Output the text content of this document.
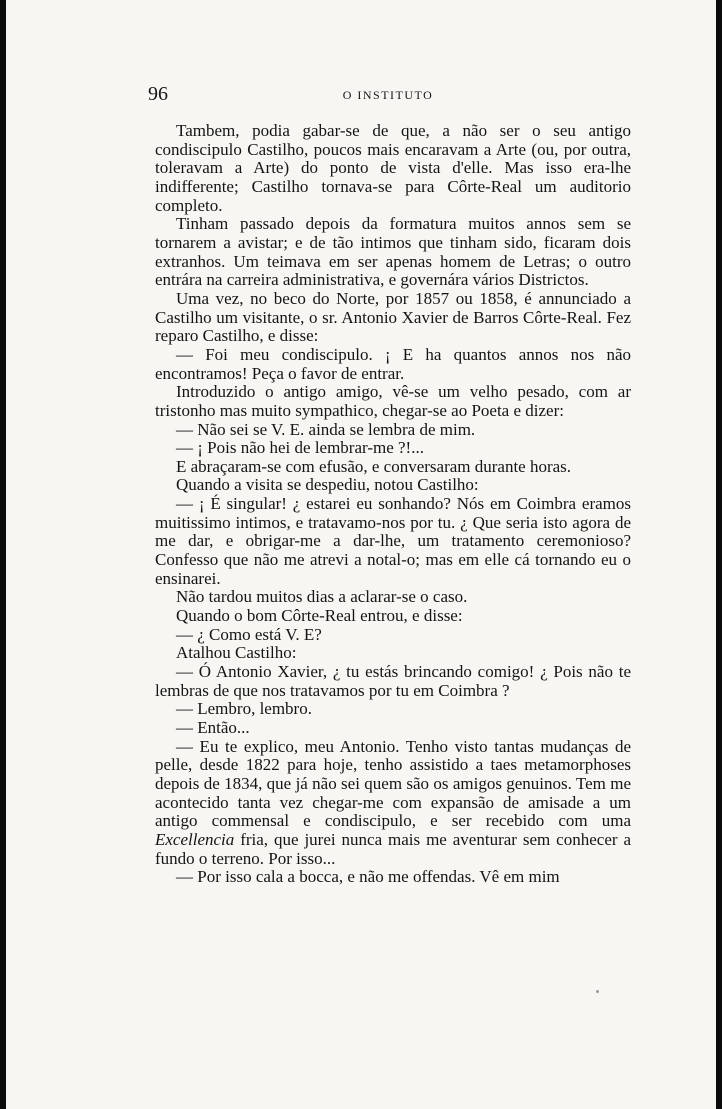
96	O INSTITUTO

Tambem, podia gabar-se de que, a não ser o seu antigo condiscipulo Castilho, poucos mais encaravam a Arte (ou, por outra, toleravam a Arte) do ponto de vista d'elle. Mas isso era-lhe indifferente; Castilho tornava-se para Côrte-Real um auditorio completo.

Tinham passado depois da formatura muitos annos sem se tornarem a avistar; e de tão intimos que tinham sido, ficaram dois extranhos. Um teimava em ser apenas homem de Letras; o outro entrára na carreira administrativa, e governára vários Districtos.

Uma vez, no beco do Norte, por 1857 ou 1858, é annunciado a Castilho um visitante, o sr. Antonio Xavier de Barros Côrte-Real. Fez reparo Castilho, e disse:

— Foi meu condiscipulo. ¡ E ha quantos annos nos não encontramos! Peça o favor de entrar.

Introduzido o antigo amigo, vê-se um velho pesado, com ar tristonho mas muito sympathico, chegar-se ao Poeta e dizer:

— Não sei se V. E. ainda se lembra de mim.

— ¡ Pois não hei de lembrar-me ?!...

E abraçaram-se com efusão, e conversaram durante horas.

Quando a visita se despediu, notou Castilho:

— ¡ É singular! ¿ estarei eu sonhando? Nós em Coimbra eramos muitissimo intimos, e tratavamo-nos por tu. ¿ Que seria isto agora de me dar, e obrigar-me a dar-lhe, um tratamento ceremonioso? Confesso que não me atrevi a notal-o; mas em elle cá tornando eu o ensinarei.

Não tardou muitos dias a aclarar-se o caso.

Quando o bom Côrte-Real entrou, e disse:

— ¿ Como está V. E?

Atalhou Castilho:

— Ó Antonio Xavier, ¿ tu estás brincando comigo! ¿ Pois não te lembras de que nos tratavamos por tu em Coimbra ?

— Lembro, lembro.

— Então...

— Eu te explico, meu Antonio. Tenho visto tantas mudanças de pelle, desde 1822 para hoje, tenho assistido a taes metamorphoses depois de 1834, que já não sei quem são os amigos genuinos. Tem me acontecido tanta vez chegar-me com expansão de amisade a um antigo commensal e condiscipulo, e ser recebido com uma Excellencia fria, que jurei nunca mais me aventurar sem conhecer a fundo o terreno. Por isso...

— Por isso cala a bocca, e não me offendas. Vê em mim
